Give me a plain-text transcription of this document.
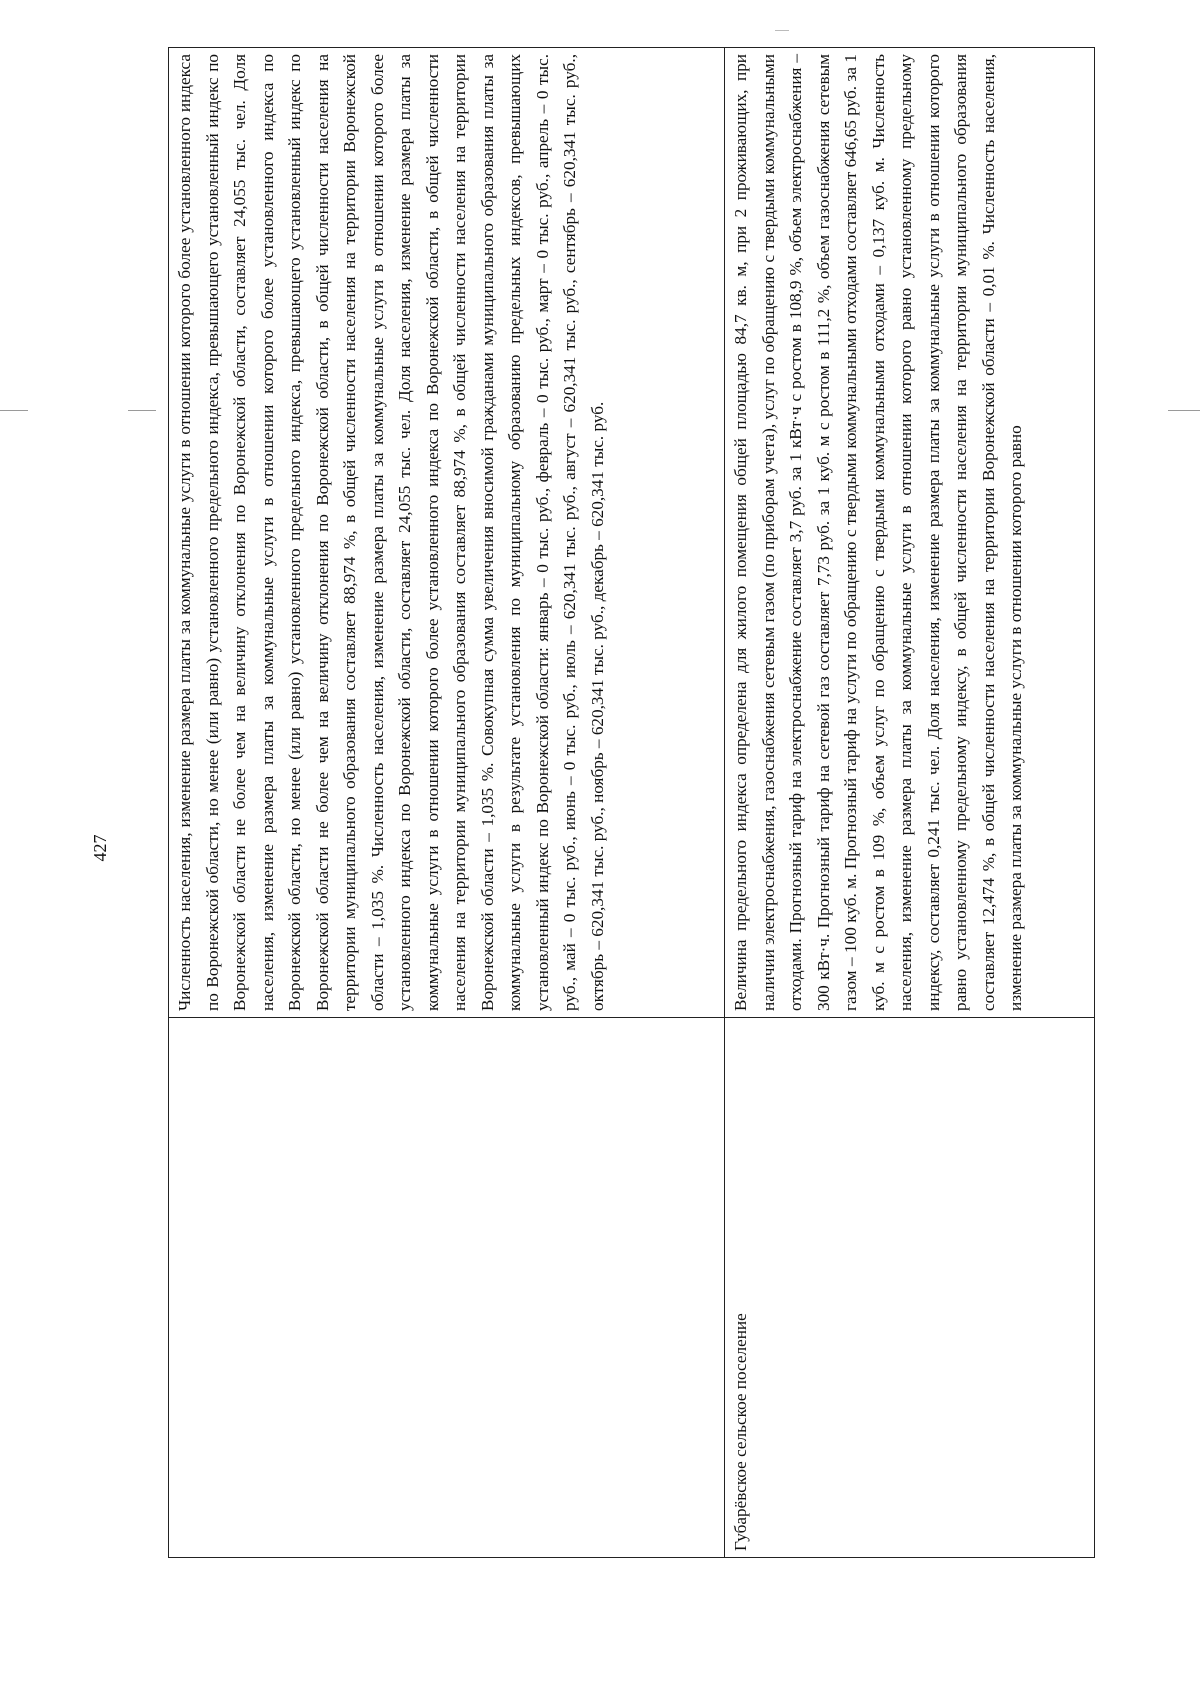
427

	Численность населения, изменение размера платы за коммунальные услуги в отношении которого более установленного индекса по Воронежской области, но менее (или равно) установленного предельного индекса, превышающего установленный индекс по Воронежской области не более чем на величину отклонения по Воронежской области, составляет 24,055 тыс. чел. Доля населения, изменение размера платы за коммунальные услуги в отношении которого более установленного индекса по Воронежской области, но менее (или равно) установленного предельного индекса, превышающего установленный индекс по Воронежской области не более чем на величину отклонения по Воронежской области, в общей численности населения на территории муниципального образования составляет 88,974 %, в общей численности населения на территории Воронежской области – 1,035 %. Численность населения, изменение размера платы за коммунальные услуги в отношении которого более установленного индекса по Воронежской области, составляет 24,055 тыс. чел. Доля населения, изменение размера платы за коммунальные услуги в отношении которого более установленного индекса по Воронежской области, в общей численности населения на территории муниципального образования составляет 88,974 %, в общей численности населения на территории Воронежской области – 1,035 %. Совокупная сумма увеличения вносимой гражданами муниципального образования платы за коммунальные услуги в результате установления по муниципальному образованию предельных индексов, превышающих установленный индекс по Воронежской области: январь – 0 тыс. руб., февраль – 0 тыс. руб., март – 0 тыс. руб., апрель – 0 тыс. руб., май – 0 тыс. руб., июнь – 0 тыс. руб., июль – 620,341 тыс. руб., август – 620,341 тыс. руб., сентябрь – 620,341 тыс. руб., октябрь – 620,341 тыс. руб., ноябрь – 620,341 тыс. руб., декабрь – 620,341 тыс. руб.

Губарёвское сельское поселение	Величина предельного индекса определена для жилого помещения общей площадью 84,7 кв. м, при 2 проживающих, при наличии электроснабжения, газоснабжения сетевым газом (по приборам учета), услуг по обращению с твердыми коммунальными отходами. Прогнозный тариф на электроснабжение составляет 3,7 руб. за 1 кВт·ч с ростом в 108,9 %, объем электроснабжения – 300 кВт·ч. Прогнозный тариф на сетевой газ составляет 7,73 руб. за 1 куб. м с ростом в 111,2 %, объем газоснабжения сетевым газом – 100 куб. м. Прогнозный тариф на услуги по обращению с твердыми коммунальными отходами составляет 646,65 руб. за 1 куб. м с ростом в 109 %, объем услуг по обращению с твердыми коммунальными отходами – 0,137 куб. м. Численность населения, изменение размера платы за коммунальные услуги в отношении которого равно установленному предельному индексу, составляет 0,241 тыс. чел. Доля населения, изменение размера платы за коммунальные услуги в отношении которого равно установленному предельному индексу, в общей численности населения на территории муниципального образования составляет 12,474 %, в общей численности населения на территории Воронежской области – 0,01 %. Численность населения, изменение размера платы за коммунальные услуги в отношении которого равно
